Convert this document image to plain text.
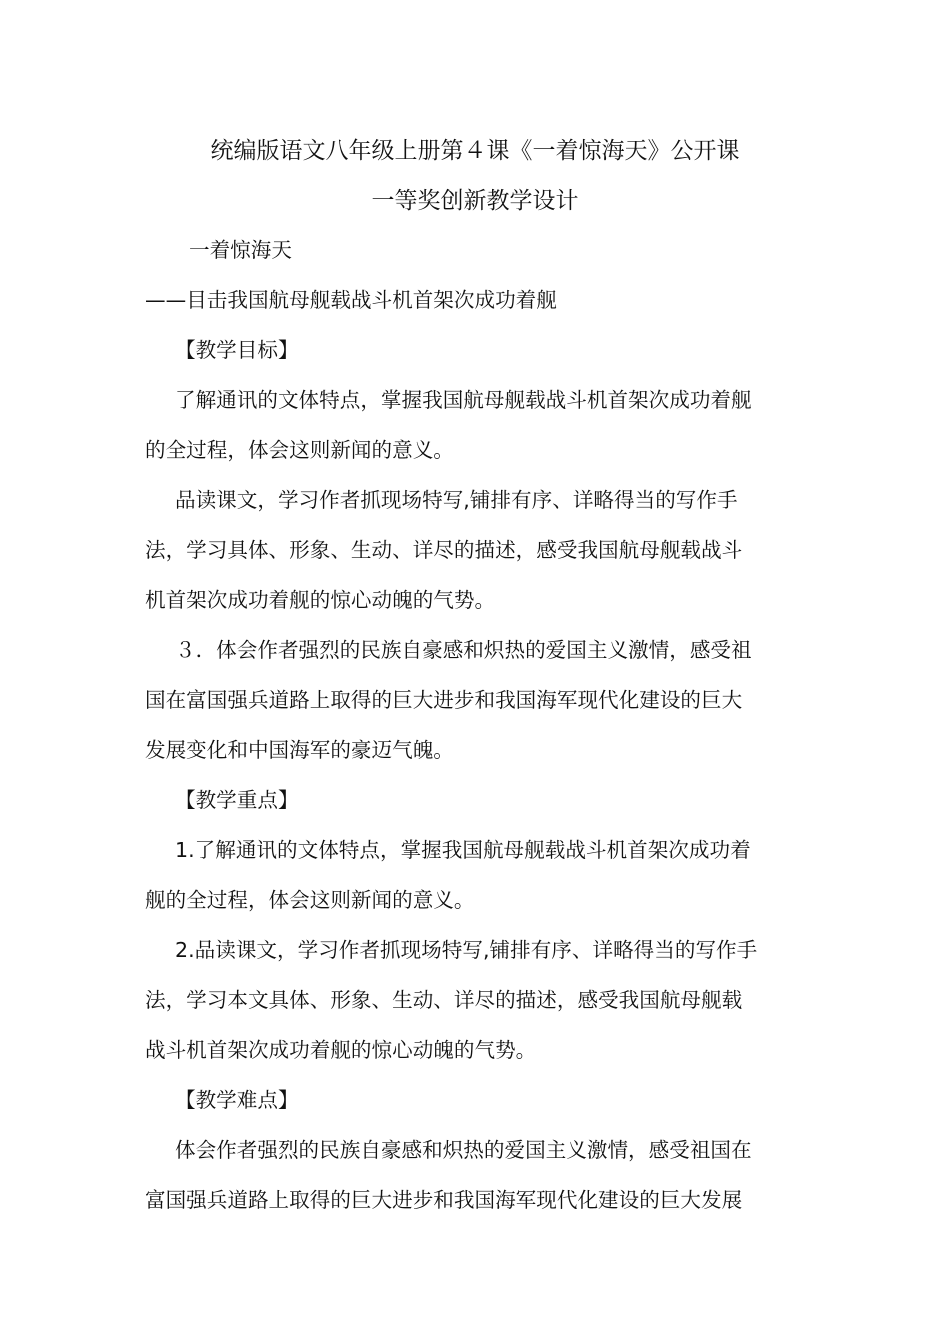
统编版语文八年级上册第４课《一着惊海天》公开课
一等奖创新教学设计
一着惊海天
——目击我国航母舰载战斗机首架次成功着舰
【教学目标】
了解通讯的文体特点，掌握我国航母舰载战斗机首架次成功着舰
的全过程，体会这则新闻的意义。
品读课文，学习作者抓现场特写,铺排有序、详略得当的写作手
法，学习具体、形象、生动、详尽的描述，感受我国航母舰载战斗
机首架次成功着舰的惊心动魄的气势。
３．体会作者强烈的民族自豪感和炽热的爱国主义激情，感受祖
国在富国强兵道路上取得的巨大进步和我国海军现代化建设的巨大
发展变化和中国海军的豪迈气魄。
【教学重点】
1.了解通讯的文体特点，掌握我国航母舰载战斗机首架次成功着
舰的全过程，体会这则新闻的意义。
2.品读课文，学习作者抓现场特写,铺排有序、详略得当的写作手
法，学习本文具体、形象、生动、详尽的描述，感受我国航母舰载
战斗机首架次成功着舰的惊心动魄的气势。
【教学难点】
体会作者强烈的民族自豪感和炽热的爱国主义激情，感受祖国在
富国强兵道路上取得的巨大进步和我国海军现代化建设的巨大发展
